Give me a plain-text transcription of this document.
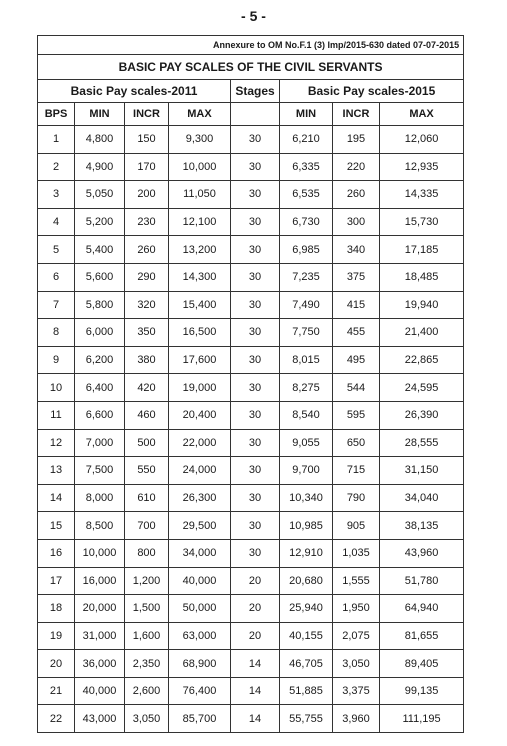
- 5 -
Annexure to OM No.F.1 (3) Imp/2015-630 dated 07-07-2015							
BASIC PAY SCALES OF THE CIVIL SERVANTS							
Basic Pay scales-2011				Stages	Basic Pay scales-2015		
BPS	MIN	INCR	MAX		MIN	INCR	MAX
1	4,800	150	9,300	30	6,210	195	12,060
2	4,900	170	10,000	30	6,335	220	12,935
3	5,050	200	11,050	30	6,535	260	14,335
4	5,200	230	12,100	30	6,730	300	15,730
5	5,400	260	13,200	30	6,985	340	17,185
6	5,600	290	14,300	30	7,235	375	18,485
7	5,800	320	15,400	30	7,490	415	19,940
8	6,000	350	16,500	30	7,750	455	21,400
9	6,200	380	17,600	30	8,015	495	22,865
10	6,400	420	19,000	30	8,275	544	24,595
11	6,600	460	20,400	30	8,540	595	26,390
12	7,000	500	22,000	30	9,055	650	28,555
13	7,500	550	24,000	30	9,700	715	31,150
14	8,000	610	26,300	30	10,340	790	34,040
15	8,500	700	29,500	30	10,985	905	38,135
16	10,000	800	34,000	30	12,910	1,035	43,960
17	16,000	1,200	40,000	20	20,680	1,555	51,780
18	20,000	1,500	50,000	20	25,940	1,950	64,940
19	31,000	1,600	63,000	20	40,155	2,075	81,655
20	36,000	2,350	68,900	14	46,705	3,050	89,405
21	40,000	2,600	76,400	14	51,885	3,375	99,135
22	43,000	3,050	85,700	14	55,755	3,960	111,195
